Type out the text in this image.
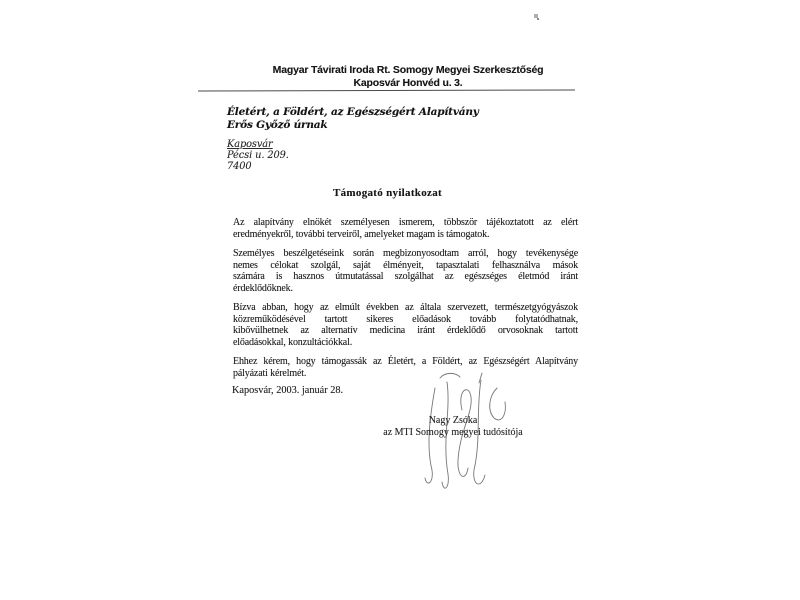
Magyar Távirati Iroda Rt. Somogy Megyei Szerkesztőség
Kaposvár Honvéd u. 3.
Életért, a Földért, az Egészségért Alapítvány
Erős Győző úrnak
Kaposvár
Pécsi u. 209.
7400
Támogató nyilatkozat
Az alapítvány elnökét személyesen ismerem, többször tájékoztatott az elért
eredményekről, további terveiről, amelyeket magam is támogatok.
Személyes beszélgetéseink során megbizonyosodtam arról, hogy tevékenysége
nemes célokat szolgál, saját élményeit, tapasztalati felhasználva mások
számára is hasznos útmutatással szolgálhat az egészséges életmód iránt
érdeklődőknek.
Bízva abban, hogy az elmúlt években az általa szervezett, természetgyógyászok
közreműködésével tartott sikeres előadások tovább folytatódhatnak,
kibővülhetnek az alternatív medicina iránt érdeklődő orvosoknak tartott
előadásokkal, konzultációkkal.
Ehhez kérem, hogy támogassák az Életért, a Földért, az Egészségért Alapítvány
pályázati kérelmét.
Kaposvár, 2003. január 28.
Nagy Zsóka
az MTI Somogy megyei tudósítója
